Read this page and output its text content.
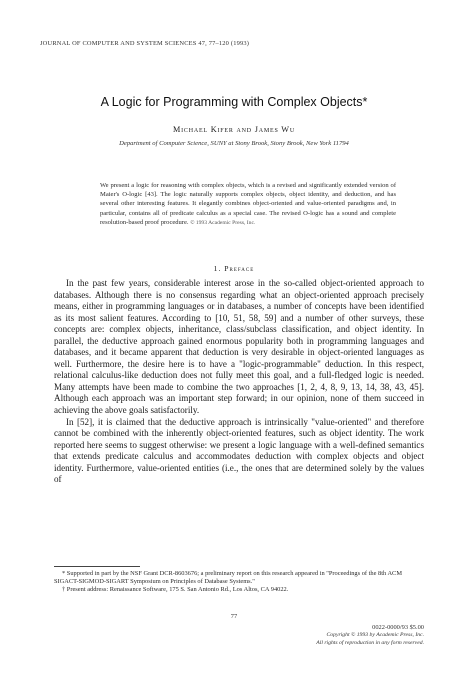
JOURNAL OF COMPUTER AND SYSTEM SCIENCES 47, 77–120 (1993)
A Logic for Programming with Complex Objects*
Michael Kifer and James Wu
Department of Computer Science, SUNY at Stony Brook, Stony Brook, New York 11794
We present a logic for reasoning with complex objects, which is a revised and significantly extended version of Maier's O-logic [43]. The logic naturally supports complex objects, object identity, and deduction, and has several other interesting features. It elegantly combines object-oriented and value-oriented paradigms and, in particular, contains all of predicate calculus as a special case. The revised O-logic has a sound and complete resolution-based proof procedure. © 1993 Academic Press, Inc.
1. Preface

In the past few years, considerable interest arose in the so-called object-oriented approach to databases. Although there is no consensus regarding what an object-oriented approach precisely means, either in programming languages or in databases, a number of concepts have been identified as its most salient features. According to [10, 51, 58, 59] and a number of other surveys, these concepts are: complex objects, inheritance, class/subclass classification, and object identity. In parallel, the deductive approach gained enormous popularity both in programming languages and databases, and it became apparent that deduction is very desirable in object-oriented languages as well. Furthermore, the desire here is to have a "logic-programmable" deduction. In this respect, relational calculus-like deduction does not fully meet this goal, and a full-fledged logic is needed. Many attempts have been made to combine the two approaches [1, 2, 4, 8, 9, 13, 14, 38, 43, 45]. Although each approach was an important step forward; in our opinion, none of them succeed in achieving the above goals satisfactorily.

In [52], it is claimed that the deductive approach is intrinsically "value-oriented" and therefore cannot be combined with the inherently object-oriented features, such as object identity. The work reported here seems to suggest otherwise: we present a logic language with a well-defined semantics that extends predicate calculus and accommodates deduction with complex objects and object identity. Furthermore, value-oriented entities (i.e., the ones that are determined solely by the values of

* Supported in part by the NSF Grant DCR-8603676; a preliminary report on this research appeared in "Proceedings of the 8th ACM SIGACT-SIGMOD-SIGART Symposium on Principles of Database Systems."

† Present address: Renaissance Software, 175 S. San Antonio Rd., Los Altos, CA 94022.

77
0022-0000/93 $5.00
Copyright © 1993 by Academic Press, Inc.
All rights of reproduction in any form reserved.
